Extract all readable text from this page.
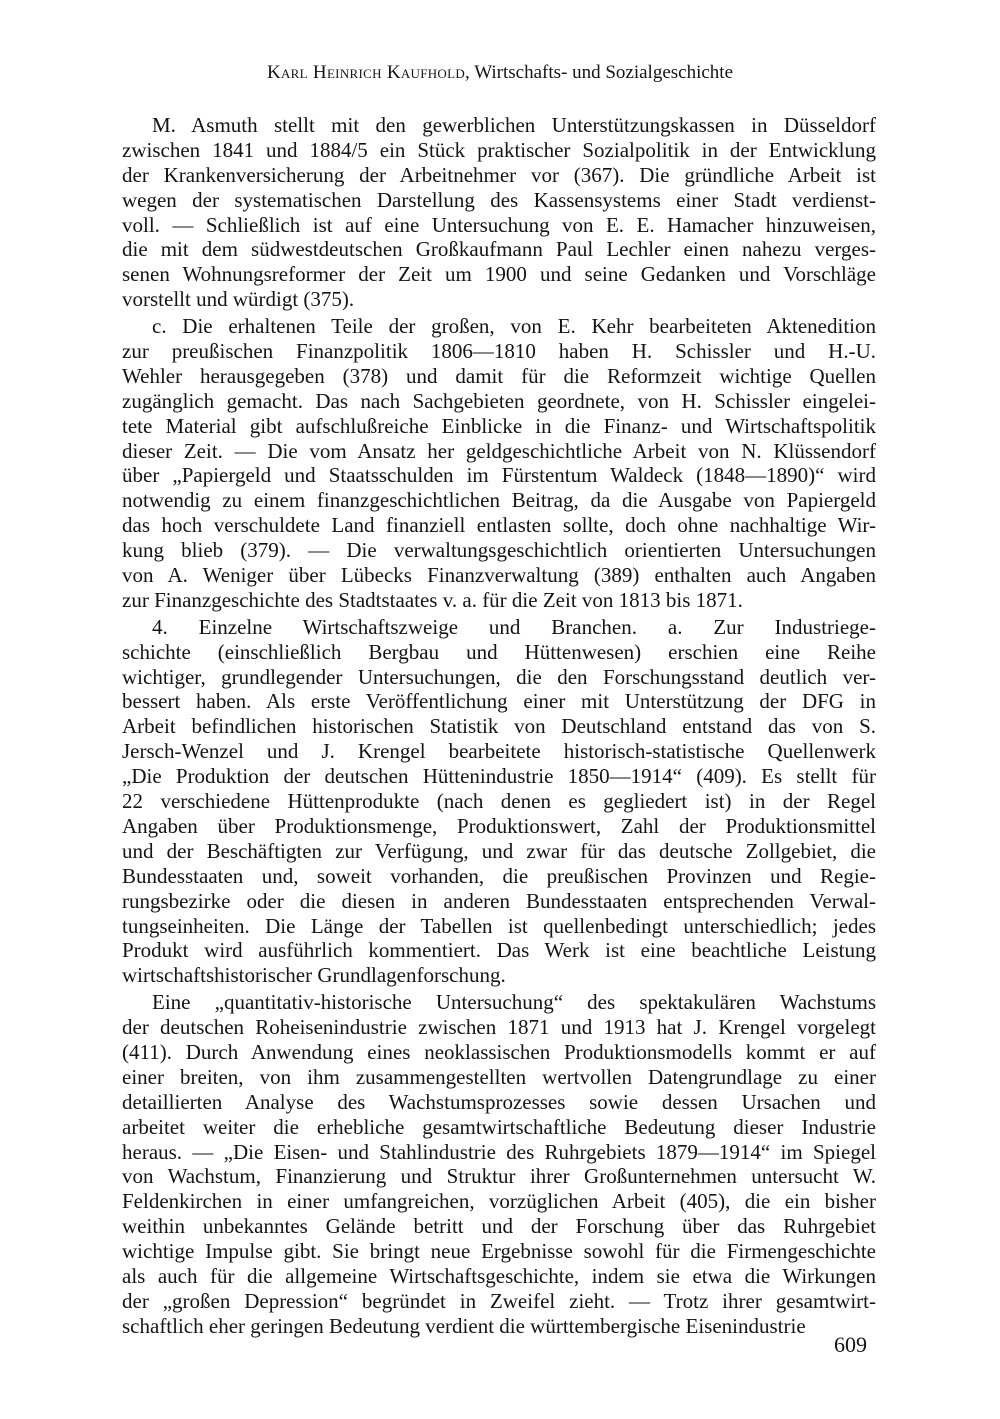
Karl Heinrich Kaufhold, Wirtschafts- und Sozialgeschichte
M. Asmuth stellt mit den gewerblichen Unterstützungskassen in Düsseldorf
zwischen 1841 und 1884/5 ein Stück praktischer Sozialpolitik in der Entwicklung
der Krankenversicherung der Arbeitnehmer vor (367). Die gründliche Arbeit ist
wegen der systematischen Darstellung des Kassensystems einer Stadt verdienst-
voll. — Schließlich ist auf eine Untersuchung von E. E. Hamacher hinzuweisen,
die mit dem südwestdeutschen Großkaufmann Paul Lechler einen nahezu verges-
senen Wohnungsreformer der Zeit um 1900 und seine Gedanken und Vorschläge
vorstellt und würdigt (375).
c. Die erhaltenen Teile der großen, von E. Kehr bearbeiteten Aktenedition
zur preußischen Finanzpolitik 1806—1810 haben H. Schissler und H.-U.
Wehler herausgegeben (378) und damit für die Reformzeit wichtige Quellen
zugänglich gemacht. Das nach Sachgebieten geordnete, von H. Schissler eingelei-
tete Material gibt aufschlußreiche Einblicke in die Finanz- und Wirtschaftspolitik
dieser Zeit. — Die vom Ansatz her geldgeschichtliche Arbeit von N. Klüssendorf
über „Papiergeld und Staatsschulden im Fürstentum Waldeck (1848—1890)“ wird
notwendig zu einem finanzgeschichtlichen Beitrag, da die Ausgabe von Papiergeld
das hoch verschuldete Land finanziell entlasten sollte, doch ohne nachhaltige Wir-
kung blieb (379). — Die verwaltungsgeschichtlich orientierten Untersuchungen
von A. Weniger über Lübecks Finanzverwaltung (389) enthalten auch Angaben
zur Finanzgeschichte des Stadtstaates v. a. für die Zeit von 1813 bis 1871.
4. Einzelne Wirtschaftszweige und Branchen. a. Zur Industriege-
schichte (einschließlich Bergbau und Hüttenwesen) erschien eine Reihe
wichtiger, grundlegender Untersuchungen, die den Forschungsstand deutlich ver-
bessert haben. Als erste Veröffentlichung einer mit Unterstützung der DFG in
Arbeit befindlichen historischen Statistik von Deutschland entstand das von S.
Jersch-Wenzel und J. Krengel bearbeitete historisch-statistische Quellenwerk
„Die Produktion der deutschen Hüttenindustrie 1850—1914“ (409). Es stellt für
22 verschiedene Hüttenprodukte (nach denen es gegliedert ist) in der Regel
Angaben über Produktionsmenge, Produktionswert, Zahl der Produktionsmittel
und der Beschäftigten zur Verfügung, und zwar für das deutsche Zollgebiet, die
Bundesstaaten und, soweit vorhanden, die preußischen Provinzen und Regie-
rungsbezirke oder die diesen in anderen Bundesstaaten entsprechenden Verwal-
tungseinheiten. Die Länge der Tabellen ist quellenbedingt unterschiedlich; jedes
Produkt wird ausführlich kommentiert. Das Werk ist eine beachtliche Leistung
wirtschaftshistorischer Grundlagenforschung.
Eine „quantitativ-historische Untersuchung“ des spektakulären Wachstums
der deutschen Roheisenindustrie zwischen 1871 und 1913 hat J. Krengel vorgelegt
(411). Durch Anwendung eines neoklassischen Produktionsmodells kommt er auf
einer breiten, von ihm zusammengestellten wertvollen Datengrundlage zu einer
detaillierten Analyse des Wachstumsprozesses sowie dessen Ursachen und
arbeitet weiter die erhebliche gesamtwirtschaftliche Bedeutung dieser Industrie
heraus. — „Die Eisen- und Stahlindustrie des Ruhrgebiets 1879—1914“ im Spiegel
von Wachstum, Finanzierung und Struktur ihrer Großunternehmen untersucht W.
Feldenkirchen in einer umfangreichen, vorzüglichen Arbeit (405), die ein bisher
weithin unbekanntes Gelände betritt und der Forschung über das Ruhrgebiet
wichtige Impulse gibt. Sie bringt neue Ergebnisse sowohl für die Firmengeschichte
als auch für die allgemeine Wirtschaftsgeschichte, indem sie etwa die Wirkungen
der „großen Depression“ begründet in Zweifel zieht. — Trotz ihrer gesamtwirt-
schaftlich eher geringen Bedeutung verdient die württembergische Eisenindustrie
609
